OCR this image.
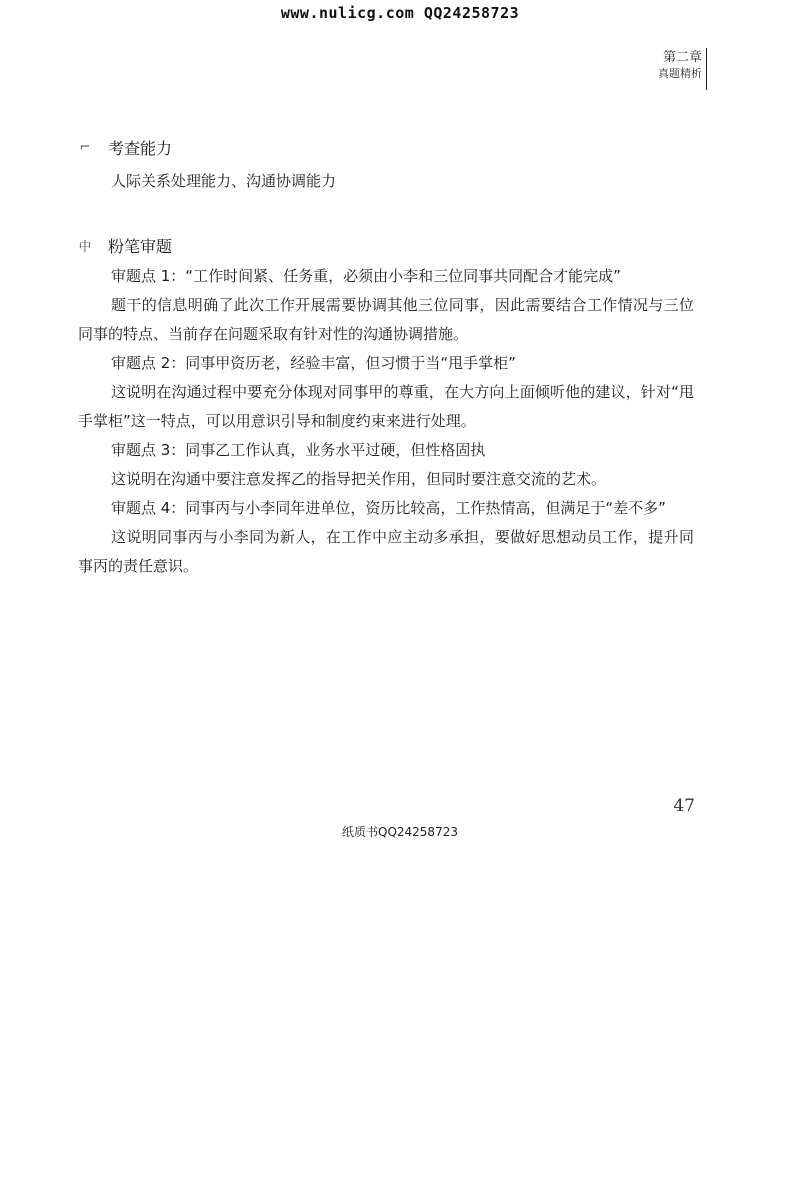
www.nulicg.com QQ24258723
第二章
真题精析
⌐ 考查能力

人际关系处理能力、沟通协调能力

中 粉笔审题

审题点 1：“工作时间紧、任务重，必须由小李和三位同事共同配合才能完成”

题干的信息明确了此次工作开展需要协调其他三位同事，因此需要结合工作情况与三位同事的特点、当前存在问题采取有针对性的沟通协调措施。

审题点 2：同事甲资历老，经验丰富，但习惯于当“甩手掌柜”

这说明在沟通过程中要充分体现对同事甲的尊重，在大方向上面倾听他的建议，针对“甩手掌柜”这一特点，可以用意识引导和制度约束来进行处理。

审题点 3：同事乙工作认真，业务水平过硬，但性格固执

这说明在沟通中要注意发挥乙的指导把关作用，但同时要注意交流的艺术。

审题点 4：同事丙与小李同年进单位，资历比较高，工作热情高，但满足于“差不多”

这说明同事丙与小李同为新人，在工作中应主动多承担，要做好思想动员工作，提升同事丙的责任意识。

47
纸质书QQ24258723
